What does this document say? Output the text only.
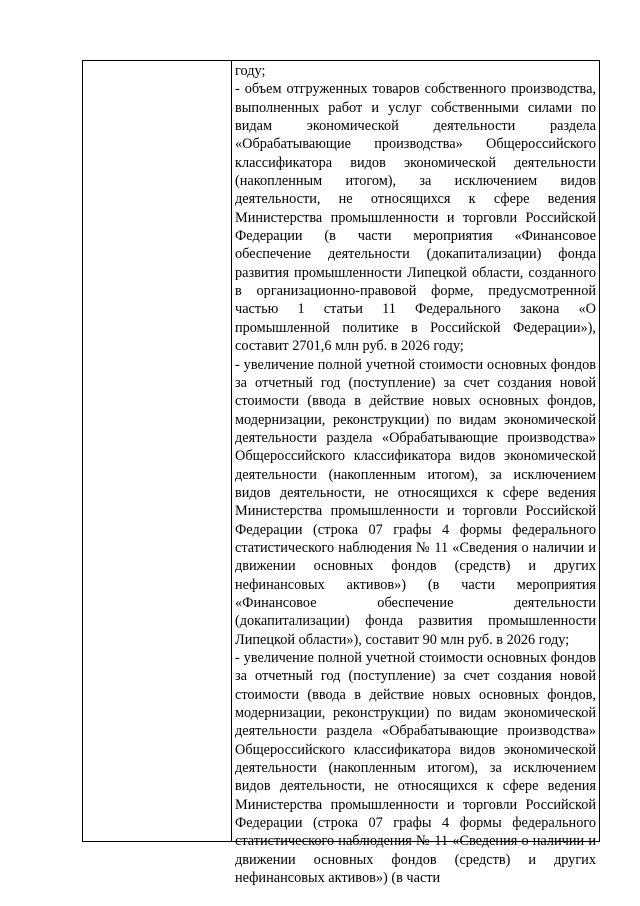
году;

- объем отгруженных товаров собственного производства, выполненных работ и услуг собственными силами по видам экономической деятельности раздела «Обрабатывающие производства» Общероссийского классификатора видов экономической деятельности (накопленным итогом), за исключением видов деятельности, не относящихся к сфере ведения Министерства промышленности и торговли Российской Федерации (в части мероприятия «Финансовое обеспечение деятельности (докапитализации) фонда развития промышленности Липецкой области, созданного в организационно-правовой форме, предусмотренной частью 1 статьи 11 Федерального закона «О промышленной политике в Российской Федерации»), составит 2701,6 млн руб. в 2026 году;

- увеличение полной учетной стоимости основных фондов за отчетный год (поступление) за счет создания новой стоимости (ввода в действие новых основных фондов, модернизации, реконструкции) по видам экономической деятельности раздела «Обрабатывающие производства» Общероссийского классификатора видов экономической деятельности (накопленным итогом), за исключением видов деятельности, не относящихся к сфере ведения Министерства промышленности и торговли Российской Федерации (строка 07 графы 4 формы федерального статистического наблюдения № 11 «Сведения о наличии и движении основных фондов (средств) и других нефинансовых активов») (в части мероприятия «Финансовое обеспечение деятельности (докапитализации) фонда развития промышленности Липецкой области»), составит 90 млн руб. в 2026 году;

- увеличение полной учетной стоимости основных фондов за отчетный год (поступление) за счет создания новой стоимости (ввода в действие новых основных фондов, модернизации, реконструкции) по видам экономической деятельности раздела «Обрабатывающие производства» Общероссийского классификатора видов экономической деятельности (накопленным итогом), за исключением видов деятельности, не относящихся к сфере ведения Министерства промышленности и торговли Российской Федерации (строка 07 графы 4 формы федерального статистического наблюдения № 11 «Сведения о наличии и движении основных фондов (средств) и других нефинансовых активов») (в части
